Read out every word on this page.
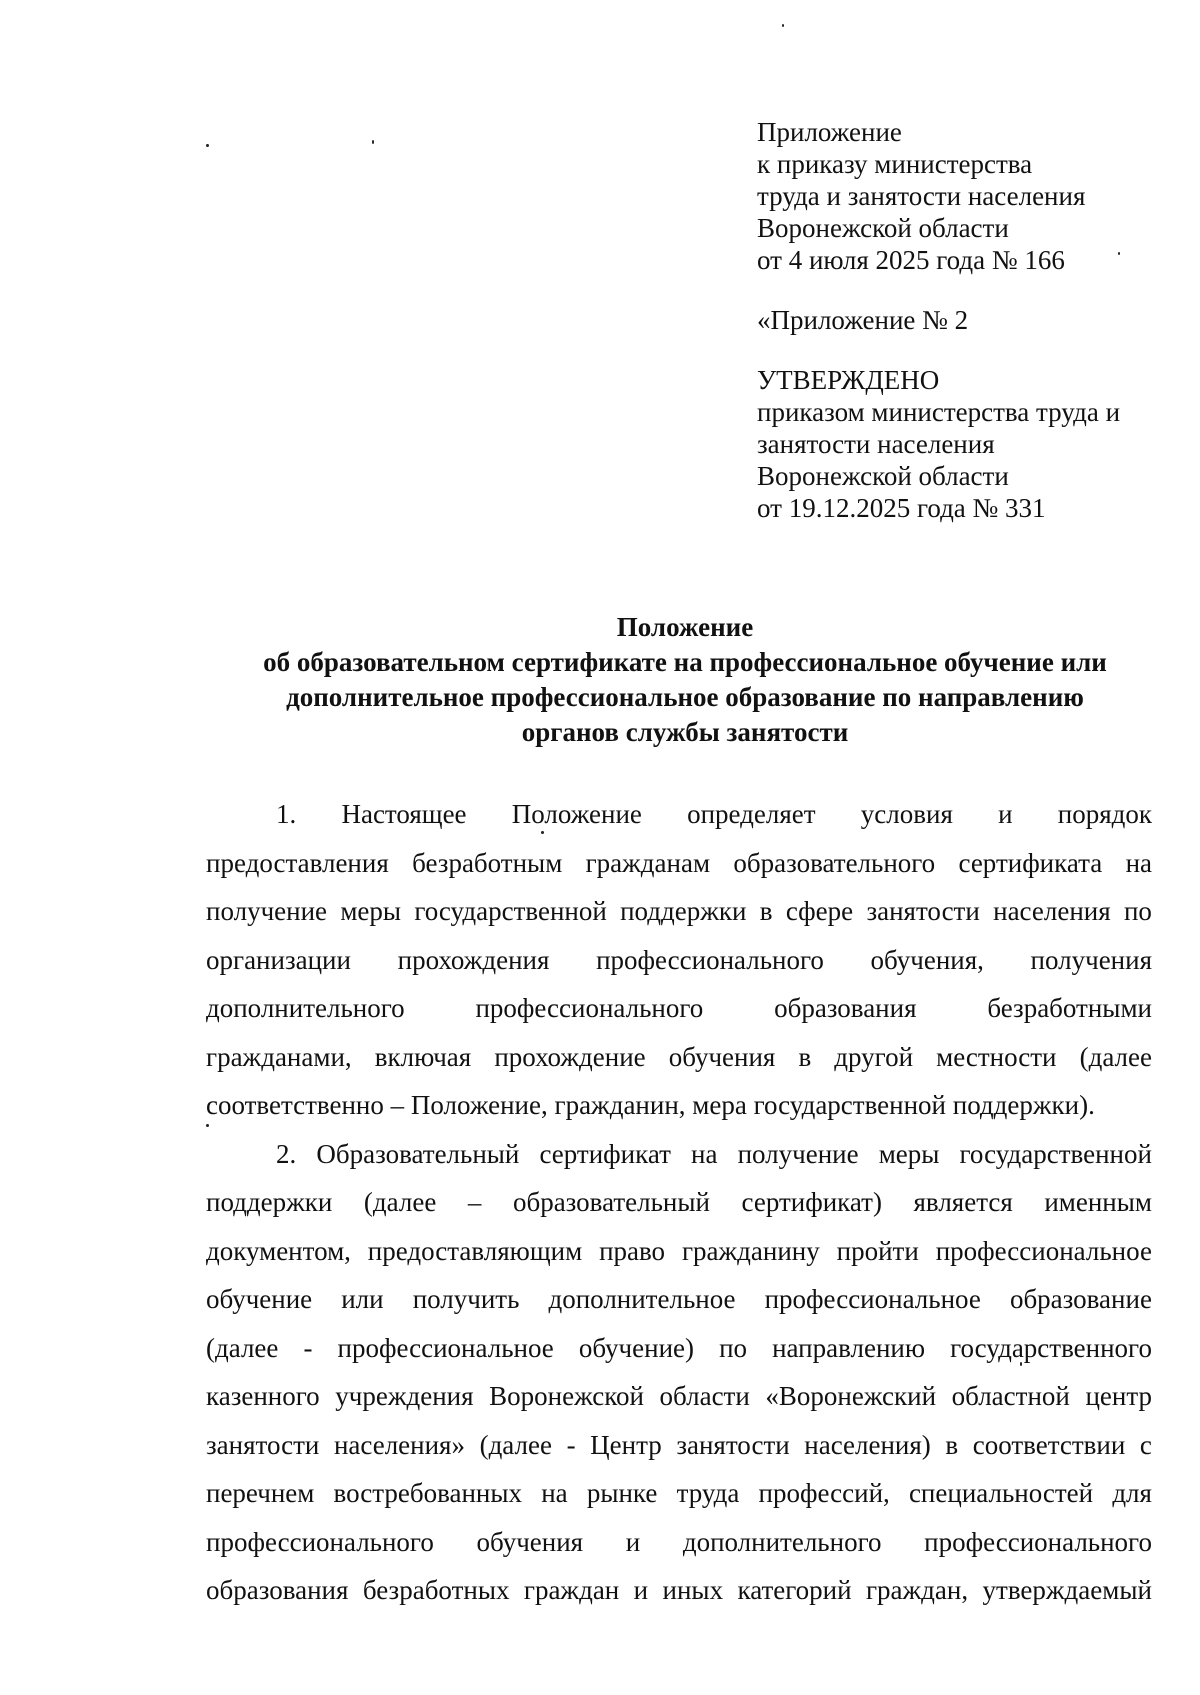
Приложение
к приказу министерства
труда и занятости населения
Воронежской области
от 4 июля 2025 года № 166
«Приложение № 2
УТВЕРЖДЕНО
приказом министерства труда и
занятости населения
Воронежской области
от 19.12.2025 года № 331
Положение
об образовательном сертификате на профессиональное обучение или
дополнительное профессиональное образование по направлению
органов службы занятости
1. Настоящее Положение определяет условия и порядок
предоставления безработным гражданам образовательного сертификата на
получение меры государственной поддержки в сфере занятости населения по
организации прохождения профессионального обучения, получения
дополнительного	профессионального	образования	безработными
гражданами, включая прохождение обучения в другой местности (далее
соответственно – Положение, гражданин, мера государственной поддержки).
2. Образовательный сертификат на получение меры государственной
поддержки (далее – образовательный сертификат) является именным
документом, предоставляющим право гражданину пройти профессиональное
обучение или получить дополнительное профессиональное образование
(далее - профессиональное обучение) по направлению государственного
казенного учреждения Воронежской области «Воронежский областной центр
занятости населения» (далее - Центр занятости населения) в соответствии с
перечнем востребованных на рынке труда профессий, специальностей для
профессионального обучения и дополнительного профессионального
образования безработных граждан и иных категорий граждан, утверждаемый
